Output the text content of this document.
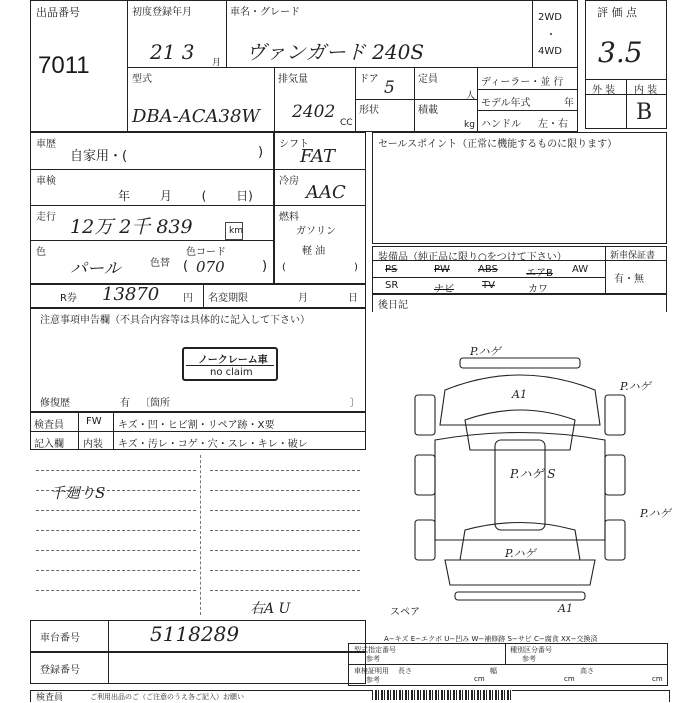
出品番号
7011
初度登録年月
21 3 月
車名・グレード
ヴァンガード 240S
2WD
・
4WD
評 価 点
3.5
外 装 内 装
B
型式
DBA-ACA38W
排気量
2402
CC
ドア 5
形状
定員
人
積載
kg
ディーラー・並 行
モデル年式	年
ハンドル 左・右
車歴
自家用・(	)
車検
年 月 ( 日)
走行 12万 2千 839	km
色
パール	色替
色コード
( 070	)
シフト
FAT
冷房
AAC
燃料
ガソリン
軽 油
(	)
セールスポイント（正常に機能するものに限ります）
装備品（純正品に限り○をつけて下さい）
PS	PW	ABS	エアB AW
SR	ナビ	TV	カワ
新車保証書
有・無
R券 13870 円 名変期限	月	日
注意事項申告欄（不具合内容等は具体的に記入して下さい）
ノークレーム車
no claim
修復歴	有 〔箇所	〕
検査員
記入欄
FW キズ・凹・ヒビ割・リペア跡・X要
内装 キズ・汚レ・コゲ・穴・スレ・キレ・破レ
千廻りS
右A U
後日記
P.ハゲ
A1
P.ハゲ
P.ハゲ S
P.ハゲ
P.ハゲ
A1
スペア
車台番号	5118289
登録番号
A−キズ E−エクボ U−凹み W−補修跡 S−サビ C−腐食 XX−交換済
型式指定番号
参考
種別区分番号
参考
車検証明用
参考
長さ
cm
幅
cm
高さ
cm
検査員	ご利用出品のご（ご注意のうえ各ご記入）お願い
